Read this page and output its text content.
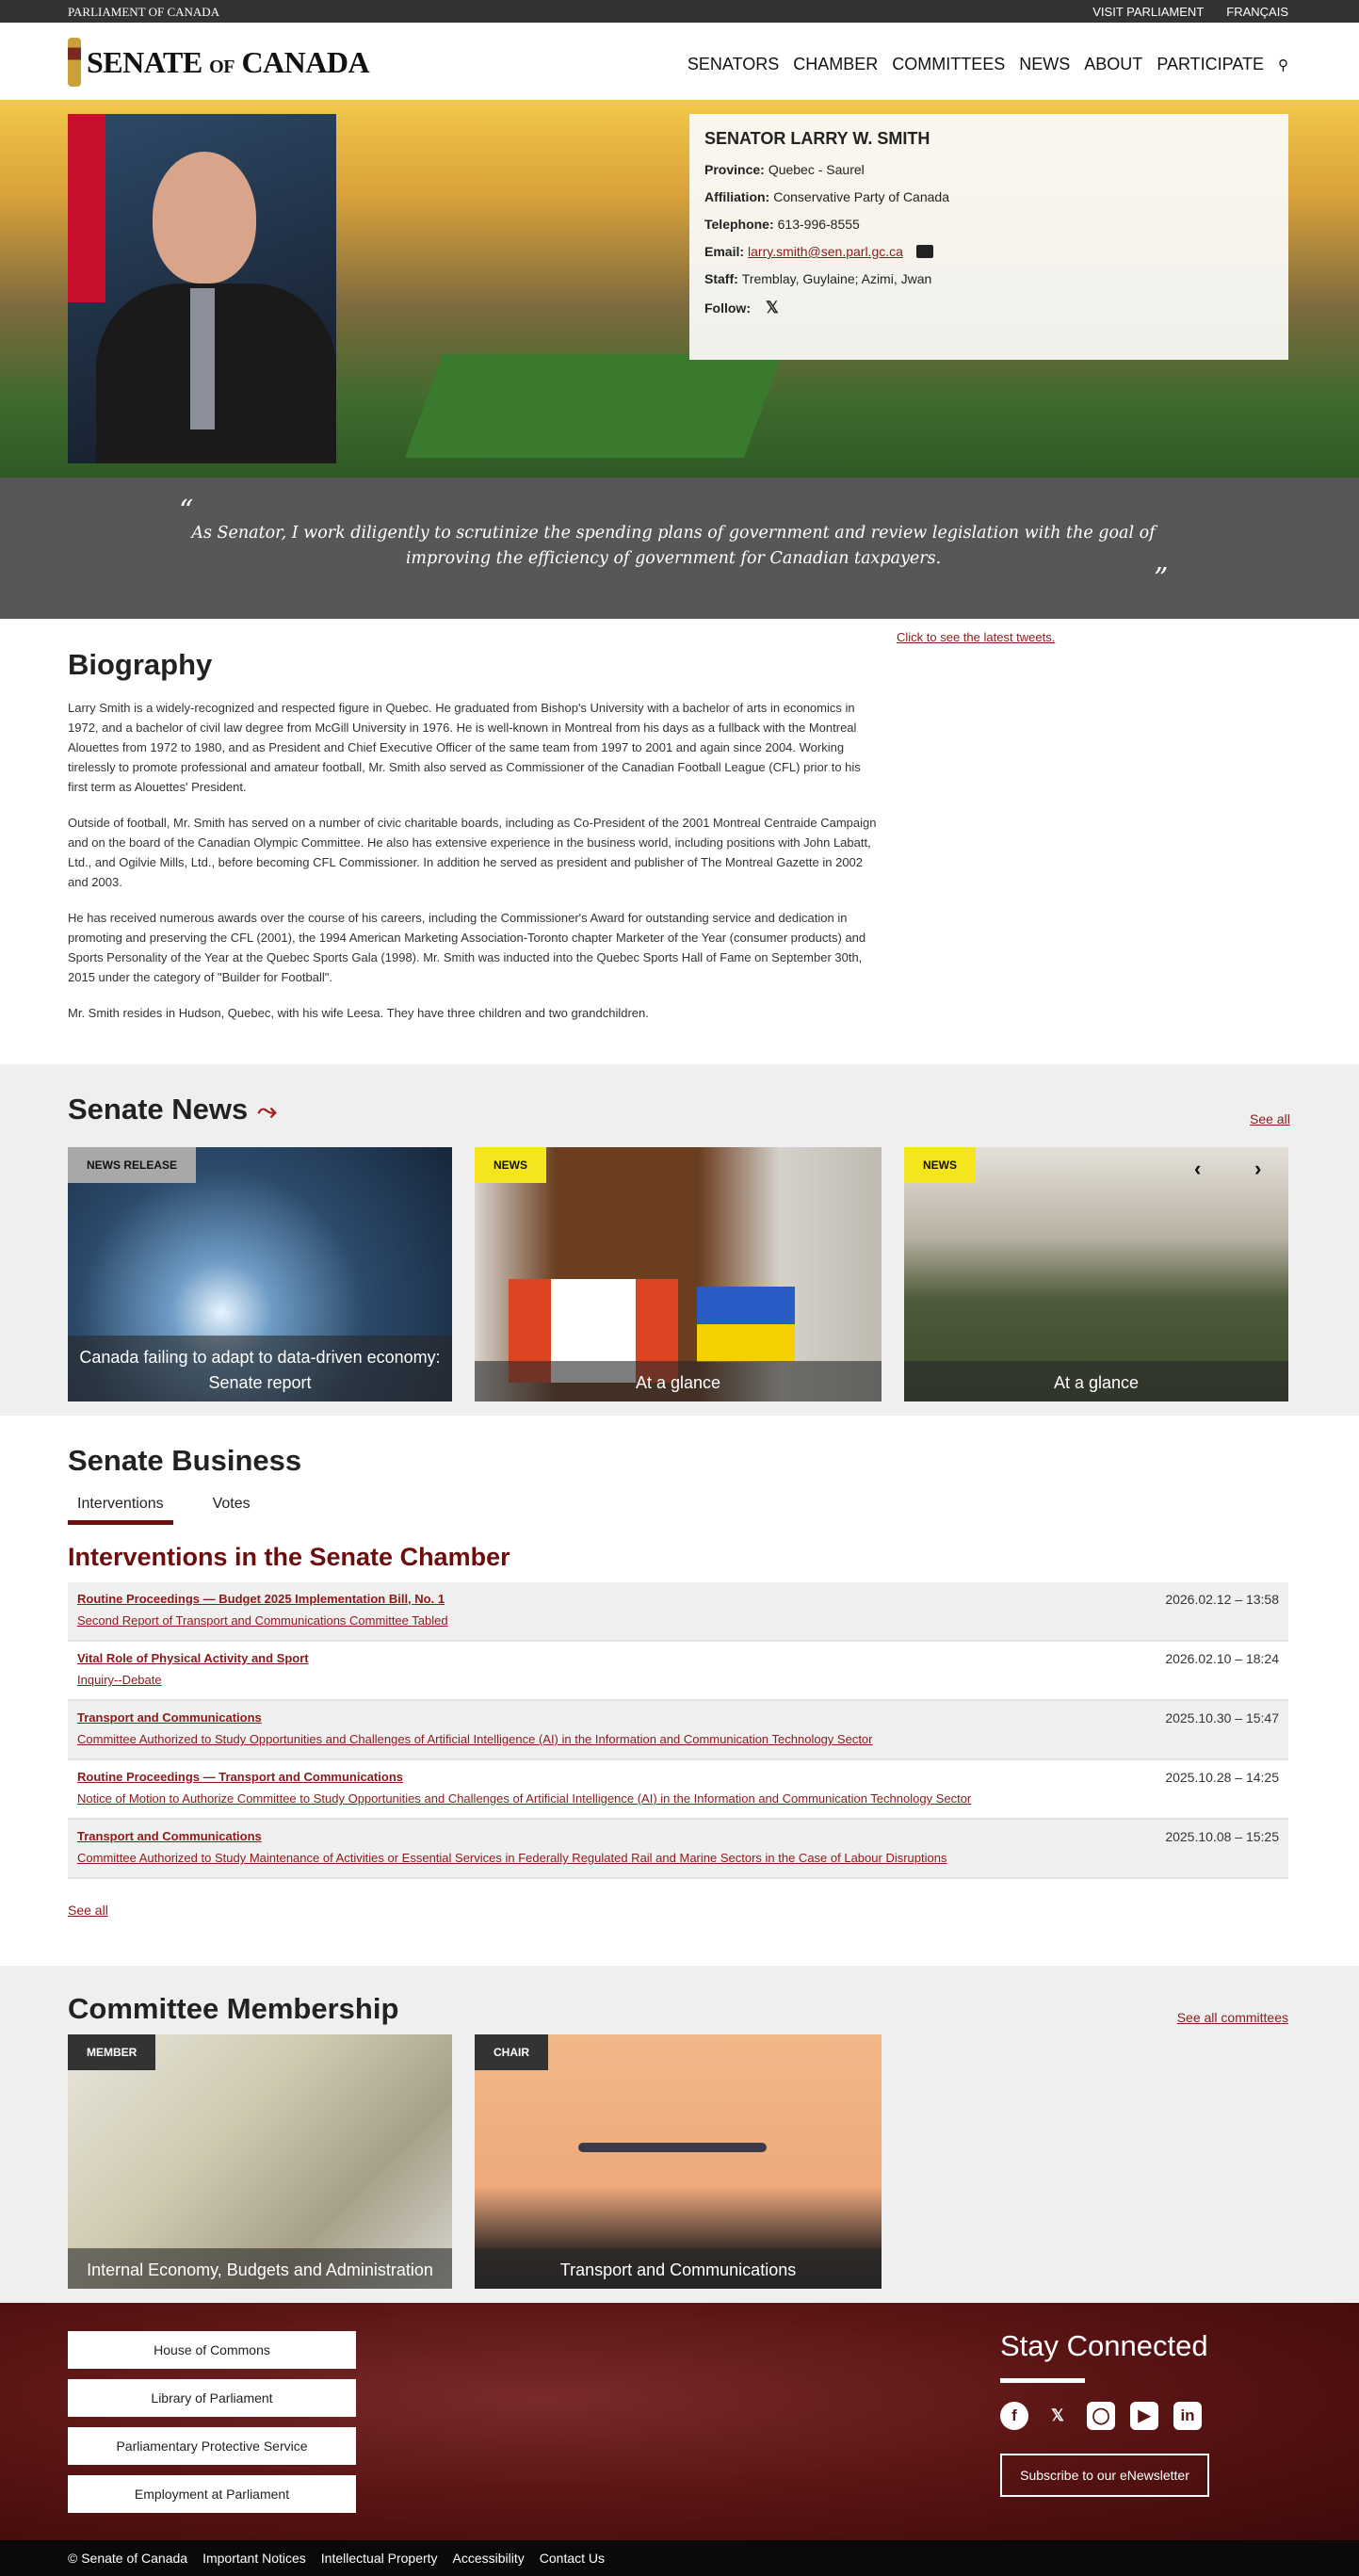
PARLIAMENT OF CANADA	VISIT PARLIAMENT FRANÇAIS
SENATE OF CANADA	SENATORS CHAMBER COMMITTEES NEWS ABOUT PARTICIPATE ⚲
SENATOR LARRY W. SMITH
Province: Quebec - Saurel
Affiliation: Conservative Party of Canada
Telephone: 613-996-8555
Email: larry.smith@sen.parl.gc.ca
Staff: Tremblay, Guylaine; Azimi, Jwan
Follow: 𝕏
“

As Senator, I work diligently to scrutinize the spending plans of government and review legislation with the goal of improving the efficiency of government for Canadian taxpayers.

”
Click to see the latest tweets.
Biography

Larry Smith is a widely-recognized and respected figure in Quebec. He graduated from Bishop's University with a bachelor of arts in economics in 1972, and a bachelor of civil law degree from McGill University in 1976. He is well-known in Montreal from his days as a fullback with the Montreal Alouettes from 1972 to 1980, and as President and Chief Executive Officer of the same team from 1997 to 2001 and again since 2004. Working tirelessly to promote professional and amateur football, Mr. Smith also served as Commissioner of the Canadian Football League (CFL) prior to his first term as Alouettes' President.

Outside of football, Mr. Smith has served on a number of civic charitable boards, including as Co-President of the 2001 Montreal Centraide Campaign and on the board of the Canadian Olympic Committee. He also has extensive experience in the business world, including positions with John Labatt, Ltd., and Ogilvie Mills, Ltd., before becoming CFL Commissioner. In addition he served as president and publisher of The Montreal Gazette in 2002 and 2003.

He has received numerous awards over the course of his careers, including the Commissioner's Award for outstanding service and dedication in promoting and preserving the CFL (2001), the 1994 American Marketing Association-Toronto chapter Marketer of the Year (consumer products) and Sports Personality of the Year at the Quebec Sports Gala (1998). Mr. Smith was inducted into the Quebec Sports Hall of Fame on September 30th, 2015 under the category of "Builder for Football".

Mr. Smith resides in Hudson, Quebec, with his wife Leesa. They have three children and two grandchildren.

Senate News ⤳	See all
NEWS RELEASE
Canada failing to adapt to data-driven economy: Senate report
NEWS
At a glance
NEWS	‹	›
At a glance
Senate Business
Interventions	Votes
Interventions in the Senate Chamber
Routine Proceedings — Budget 2025 Implementation Bill, No. 1
Second Report of Transport and Communications Committee Tabled
2026.02.12 – 13:58
Vital Role of Physical Activity and Sport
Inquiry--Debate
2026.02.10 – 18:24
Transport and Communications
Committee Authorized to Study Opportunities and Challenges of Artificial Intelligence (AI) in the Information and Communication Technology Sector
2025.10.30 – 15:47
Routine Proceedings — Transport and Communications
Notice of Motion to Authorize Committee to Study Opportunities and Challenges of Artificial Intelligence (AI) in the Information and Communication Technology Sector
2025.10.28 – 14:25
Transport and Communications
Committee Authorized to Study Maintenance of Activities or Essential Services in Federally Regulated Rail and Marine Sectors in the Case of Labour Disruptions
2025.10.08 – 15:25
See all
Committee Membership	See all committees
MEMBER
Internal Economy, Budgets and Administration
CHAIR
Transport and Communications
House of Commons
Library of Parliament
Parliamentary Protective Service
Employment at Parliament
Stay Connected
f	𝕏	◯	▶	in
Subscribe to our eNewsletter
© Senate of Canada Important Notices Intellectual Property Accessibility Contact Us
